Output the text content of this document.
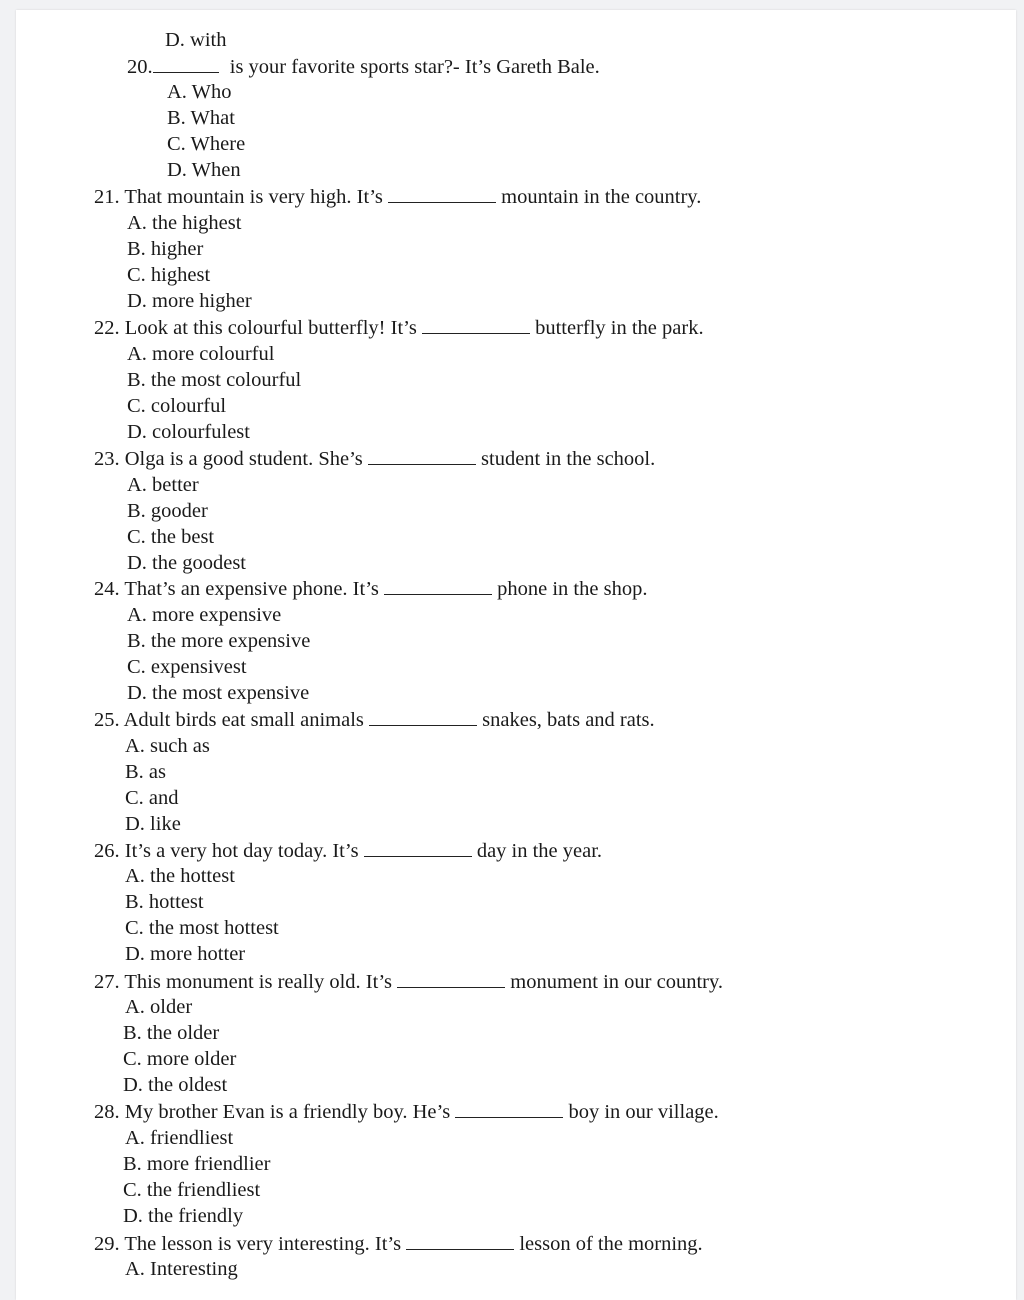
D. with
20.	is your favorite sports star?- It’s Gareth Bale.
A. Who
B. What
C. Where
D. When
21. That mountain is very high. It’s	mountain in the country.
A. the highest
B. higher
C. highest
D. more higher
22. Look at this colourful butterfly! It’s	butterfly in the park.
A. more colourful
B. the most colourful
C. colourful
D. colourfulest
23. Olga is a good student. She’s	student in the school.
A. better
B. gooder
C. the best
D. the goodest
24. That’s an expensive phone. It’s	phone in the shop.
A. more expensive
B. the more expensive
C. expensivest
D. the most expensive
25. Adult birds eat small animals	snakes, bats and rats.
A. such as
B. as
C. and
D. like
26. It’s a very hot day today. It’s	day in the year.
A. the hottest
B. hottest
C. the most hottest
D. more hotter
27. This monument is really old. It’s	monument in our country.
A. older
B. the older
C. more older
D. the oldest
28. My brother Evan is a friendly boy. He’s	boy in our village.
A. friendliest
B. more friendlier
C. the friendliest
D. the friendly
29. The lesson is very interesting. It’s	lesson of the morning.
A. Interesting
